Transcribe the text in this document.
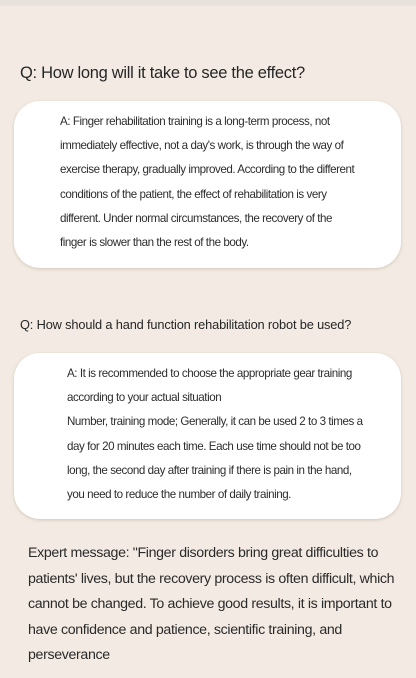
Q: How long will it take to see the effect?
A: Finger rehabilitation training is a long-term process, not
immediately effective, not a day's work, is through the way of
exercise therapy, gradually improved. According to the different
conditions of the patient, the effect of rehabilitation is very
different. Under normal circumstances, the recovery of the
finger is slower than the rest of the body.
Q: How should a hand function rehabilitation robot be used?
A: It is recommended to choose the appropriate gear training
according to your actual situation
Number, training mode; Generally, it can be used 2 to 3 times a
day for 20 minutes each time. Each use time should not be too
long, the second day after training if there is pain in the hand,
you need to reduce the number of daily training.
Expert message: "Finger disorders bring great difficulties to
patients' lives, but the recovery process is often difficult, which
cannot be changed. To achieve good results, it is important to
have confidence and patience, scientific training, and
perseverance
